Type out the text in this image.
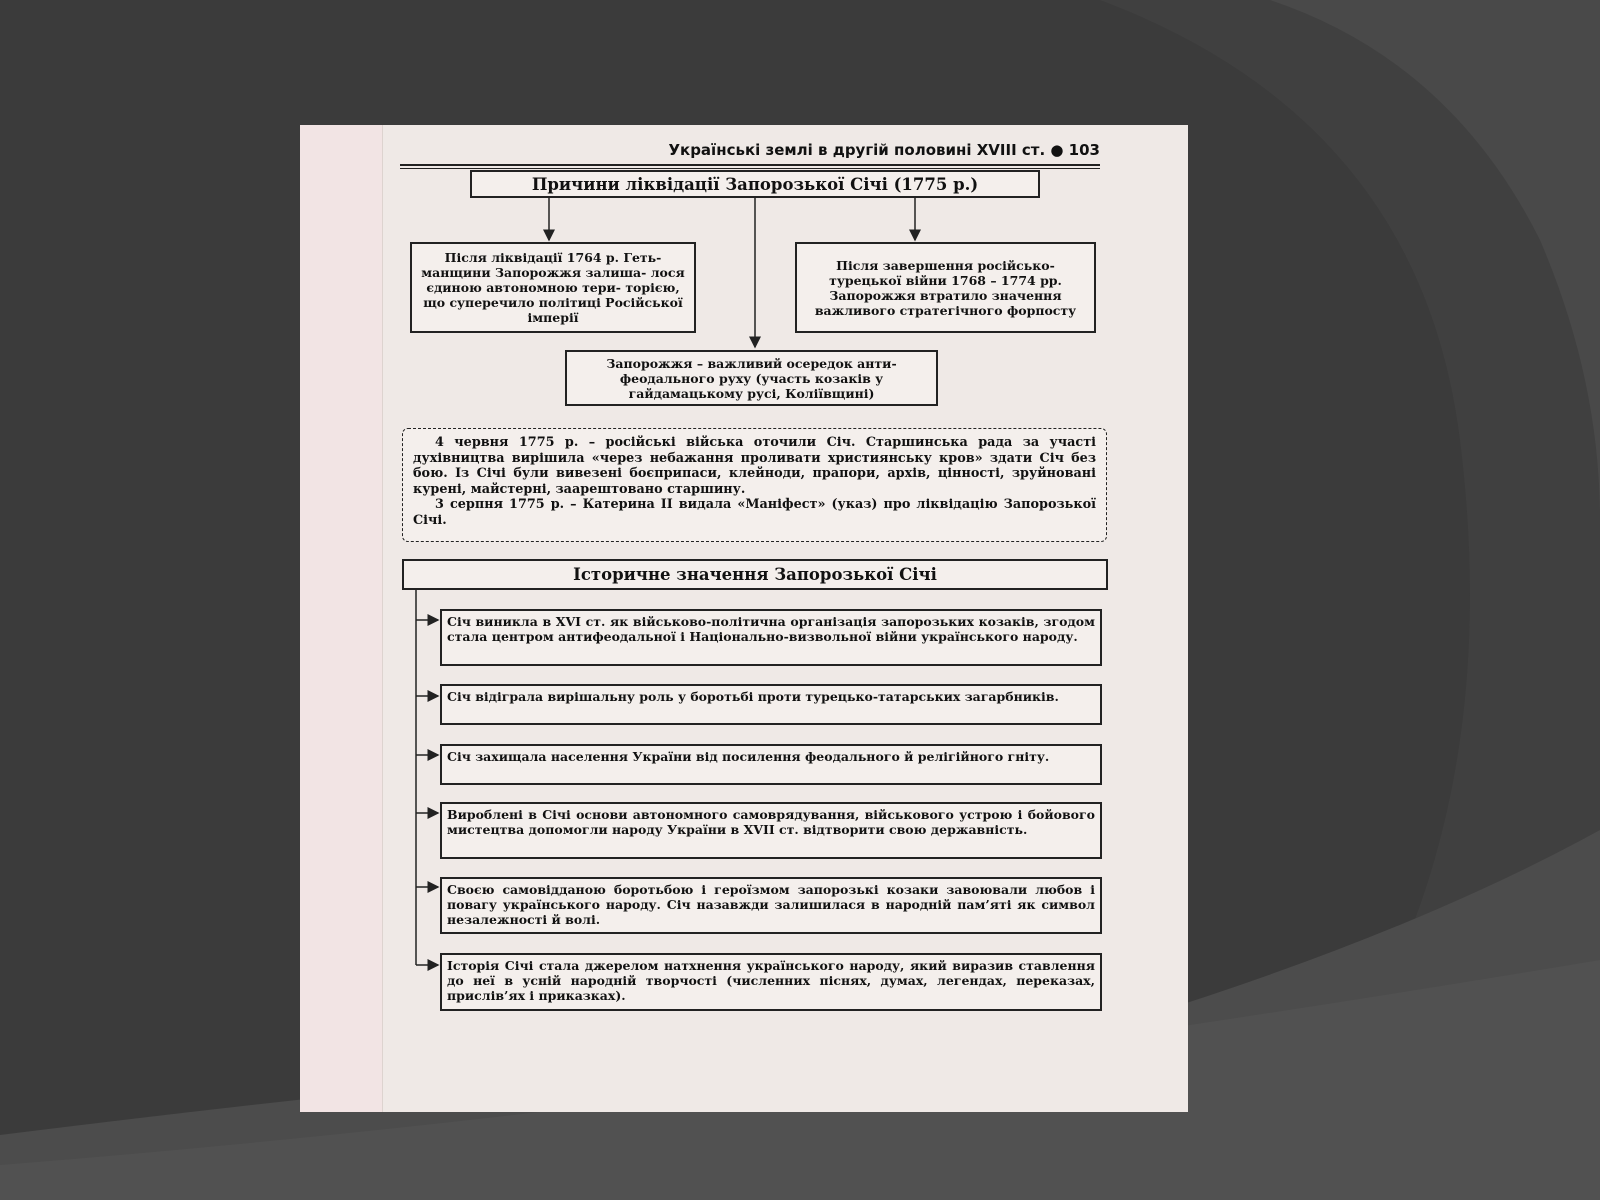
Українські землі в другій половині XVIII ст. ● 103
Причини ліквідації Запорозької Січі (1775 р.)
Після ліквідації 1764 р. Геть- манщини Запорожжя залиша- лося єдиною автономною тери- торією, що суперечило політиці Російської імперії
Після завершення російсько- турецької війни 1768 – 1774 рр. Запорожжя втратило значення важливого стратегічного форпосту
Запорожжя – важливий осередок анти- феодального руху (участь козаків у гайдамацькому русі, Коліївщині)

4 червня 1775 р. – російські війська оточили Січ. Старшинська рада за участі духівництва вирішила «через небажання проливати християнську кров» здати Січ без бою. Із Січі були вивезені боєприпаси, клейноди, прапори, архів, цінності, зруйновані курені, майстерні, заарештовано старшину.

3 серпня 1775 р. – Катерина II видала «Маніфест» (указ) про ліквідацію Запорозької Січі.

Історичне значення Запорозької Січі
Січ виникла в XVI ст. як військово-політична організація запорозьких козаків, згодом стала центром антифеодальної і Національно-визвольної війни українського народу.
Січ відіграла вирішальну роль у боротьбі проти турецько-татарських загарбників.
Січ захищала населення України від посилення феодального й релігійного гніту.
Вироблені в Січі основи автономного самоврядування, військового устрою і бойового мистецтва допомогли народу України в XVII ст. відтворити свою державність.
Своєю самовідданою боротьбою і героїзмом запорозькі козаки завоювали любов і повагу українського народу. Січ назавжди залишилася в народній пам’яті як символ незалежності й волі.
Історія Січі стала джерелом натхнення українського народу, який виразив ставлення до неї в усній народній творчості (численних піснях, думах, легендах, переказах, прислів’ях і приказках).
